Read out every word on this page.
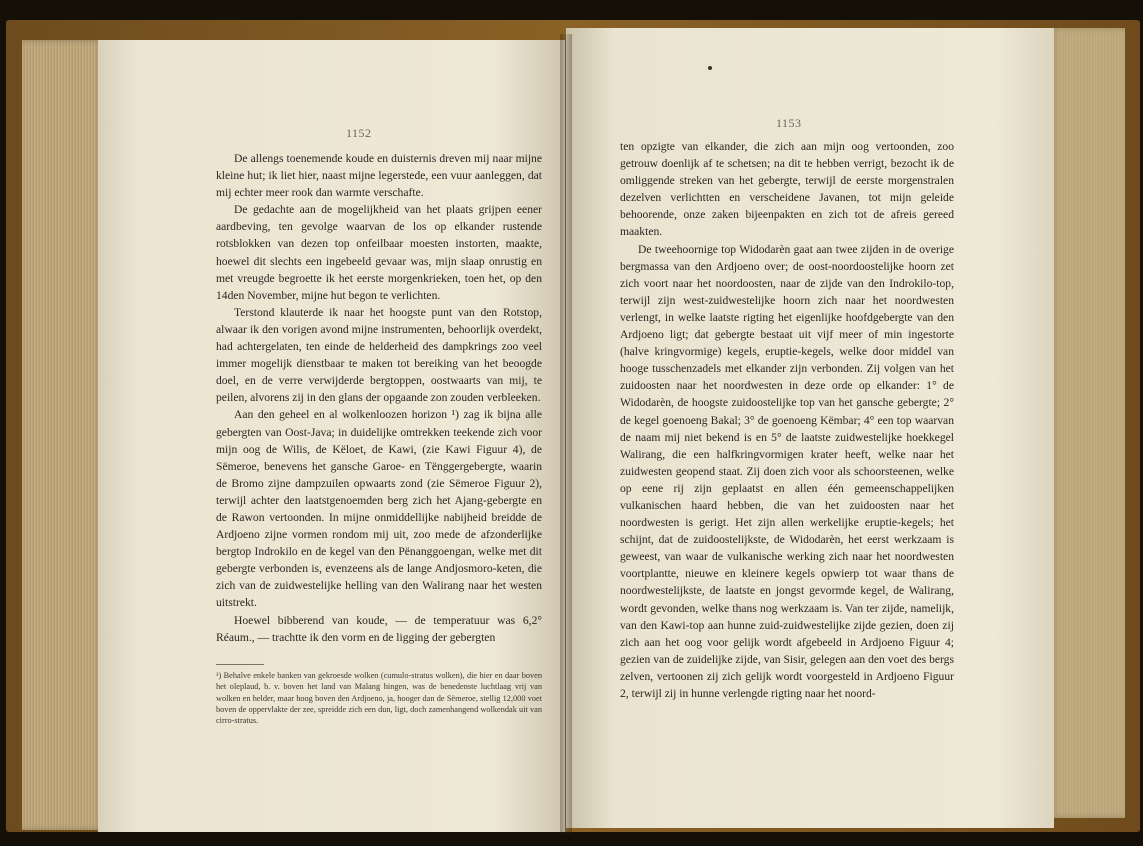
1152

De allengs toenemende koude en duisternis dreven mij naar mijne kleine hut; ik liet hier, naast mijne legerstede, een vuur aanleggen, dat mij echter meer rook dan warmte verschafte.

De gedachte aan de mogelijkheid van het plaats grijpen eener aardbeving, ten gevolge waarvan de los op elkander rustende rotsblokken van dezen top onfeilbaar moesten instorten, maakte, hoewel dit slechts een ingebeeld gevaar was, mijn slaap onrustig en met vreugde begroette ik het eerste morgenkrieken, toen het, op den 14den November, mijne hut begon te verlichten.

Terstond klauterde ik naar het hoogste punt van den Rotstop, alwaar ik den vorigen avond mijne instrumenten, behoorlijk overdekt, had achtergelaten, ten einde de helderheid des dampkrings zoo veel immer mogelijk dienstbaar te maken tot bereiking van het beoogde doel, en de verre verwijderde bergtoppen, oostwaarts van mij, te peilen, alvorens zij in den glans der opgaande zon zouden verbleeken.

Aan den geheel en al wolkenloozen horizon ¹) zag ik bijna alle gebergten van Oost-Java; in duidelijke omtrekken teekende zich voor mijn oog de Wilis, de Këloet, de Kawi, (zie Kawi Figuur 4), de Sëmeroe, benevens het gansche Garoe- en Tënggergebergte, waarin de Bromo zijne dampzuilen opwaarts zond (zie Sëmeroe Figuur 2), terwijl achter den laatstgenoemden berg zich het Ajang-gebergte en de Rawon vertoonden. In mijne onmiddellijke nabijheid breidde de Ardjoeno zijne vormen rondom mij uit, zoo mede de afzonderlijke bergtop Indrokilo en de kegel van den Pënanggoengan, welke met dit gebergte verbonden is, evenzeens als de lange Andjosmoro-keten, die zich van de zuidwestelijke helling van den Walirang naar het westen uitstrekt.

Hoewel bibberend van koude, — de temperatuur was 6,2° Réaum., — trachtte ik den vorm en de ligging der gebergten

¹) Behalve enkele banken van gekroesde wolken (cumulo-stratus wolken), die hier en daar boven het oleplaud, b. v. boven het land van Malang hingen, was de benedenste luchtlaag vrij van wolken en helder, maar hoog boven den Ardjoeno, ja, hooger dan de Sëmeroe, stellig 12,000 voet boven de oppervlakte der zee, spreidde zich een dun, ligt, doch zamenhangend wolkendak uit van cirro-stratus.

1153

ten opzigte van elkander, die zich aan mijn oog vertoonden, zoo getrouw doenlijk af te schetsen; na dit te hebben verrigt, bezocht ik de omliggende streken van het gebergte, terwijl de eerste morgenstralen dezelven verlichtten en verscheidene Javanen, tot mijn geleide behoorende, onze zaken bijeenpakten en zich tot de afreis gereed maakten.

De tweehoornige top Widodarèn gaat aan twee zijden in de overige bergmassa van den Ardjoeno over; de oost-noordoostelijke hoorn zet zich voort naar het noordoosten, naar de zijde van den Indrokilo-top, terwijl zijn west-zuidwestelijke hoorn zich naar het noordwesten verlengt, in welke laatste rigting het eigenlijke hoofdgebergte van den Ardjoeno ligt; dat gebergte bestaat uit vijf meer of min ingestorte (halve kringvormige) kegels, eruptie-kegels, welke door middel van hooge tusschenzadels met elkander zijn verbonden. Zij volgen van het zuidoosten naar het noordwesten in deze orde op elkander: 1° de Widodarèn, de hoogste zuidoostelijke top van het gansche gebergte; 2° de kegel goenoeng Bakal; 3° de goenoeng Këmbar; 4° een top waarvan de naam mij niet bekend is en 5° de laatste zuidwestelijke hoekkegel Walirang, die een halfkringvormigen krater heeft, welke naar het zuidwesten geopend staat. Zij doen zich voor als schoorsteenen, welke op eene rij zijn geplaatst en allen één gemeenschappelijken vulkanischen haard hebben, die van het zuidoosten naar het noordwesten is gerigt. Het zijn allen werkelijke eruptie-kegels; het schijnt, dat de zuidoostelijkste, de Widodarèn, het eerst werkzaam is geweest, van waar de vulkanische werking zich naar het noordwesten voortplantte, nieuwe en kleinere kegels opwierp tot waar thans de noordwestelijkste, de laatste en jongst gevormde kegel, de Walirang, wordt gevonden, welke thans nog werkzaam is. Van ter zijde, namelijk, van den Kawi-top aan hunne zuid-zuidwestelijke zijde gezien, doen zij zich aan het oog voor gelijk wordt afgebeeld in Ardjoeno Figuur 4; gezien van de zuidelijke zijde, van Sisir, gelegen aan den voet des bergs zelven, vertoonen zij zich gelijk wordt voorgesteld in Ardjoeno Figuur 2, terwijl zij in hunne verlengde rigting naar het noord-
